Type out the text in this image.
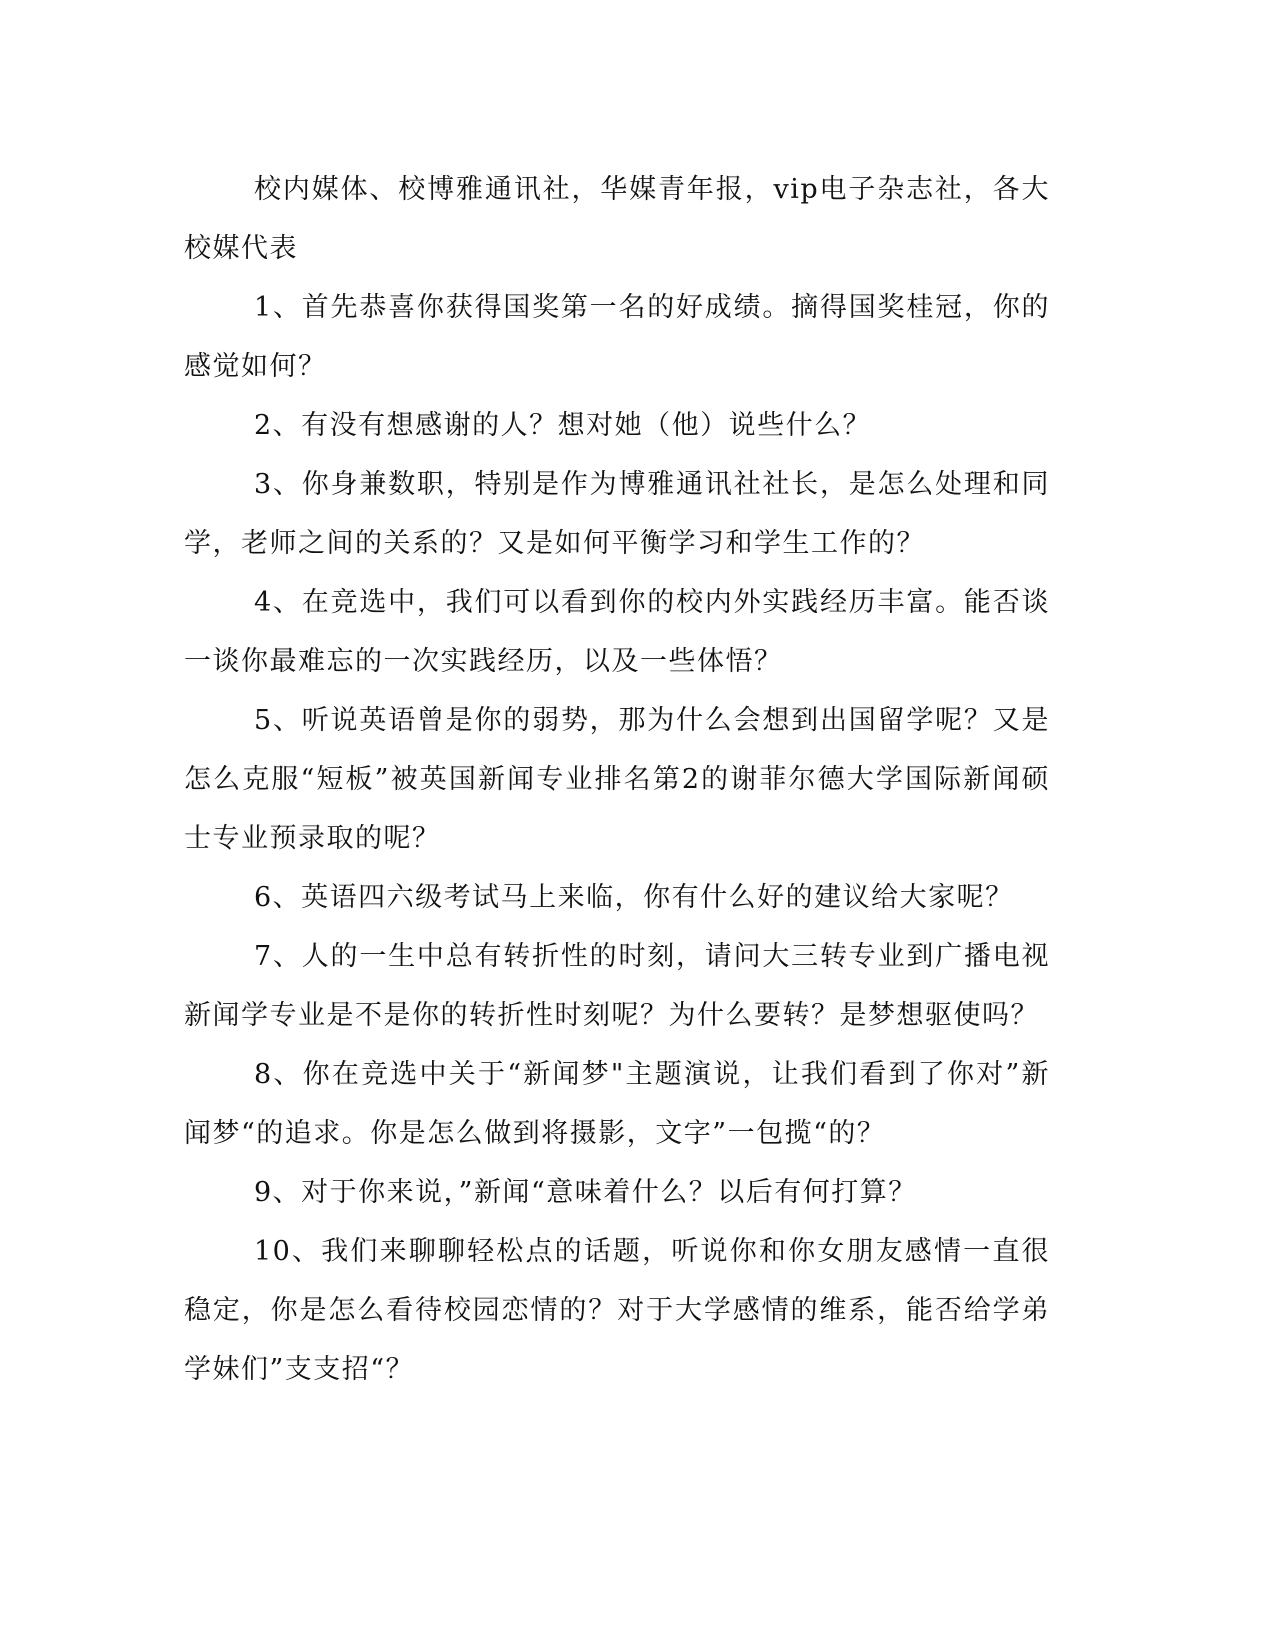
校内媒体、校博雅通讯社，华媒青年报，vip电子杂志社，各大校媒代表

1、首先恭喜你获得国奖第一名的好成绩。摘得国奖桂冠，你的感觉如何？

2、有没有想感谢的人？想对她（他）说些什么？

3、你身兼数职，特别是作为博雅通讯社社长，是怎么处理和同学，老师之间的关系的？又是如何平衡学习和学生工作的？

4、在竞选中，我们可以看到你的校内外实践经历丰富。能否谈一谈你最难忘的一次实践经历，以及一些体悟？

5、听说英语曾是你的弱势，那为什么会想到出国留学呢？又是怎么克服“短板”被英国新闻专业排名第2的谢菲尔德大学国际新闻硕士专业预录取的呢？

6、英语四六级考试马上来临，你有什么好的建议给大家呢？

7、人的一生中总有转折性的时刻，请问大三转专业到广播电视新闻学专业是不是你的转折性时刻呢？为什么要转？是梦想驱使吗？

8、你在竞选中关于“新闻梦"主题演说，让我们看到了你对”新闻梦“的追求。你是怎么做到将摄影，文字”一包揽“的？

9、对于你来说，”新闻“意味着什么？以后有何打算？

10、我们来聊聊轻松点的话题，听说你和你女朋友感情一直很稳定，你是怎么看待校园恋情的？对于大学感情的维系，能否给学弟学妹们”支支招“？
